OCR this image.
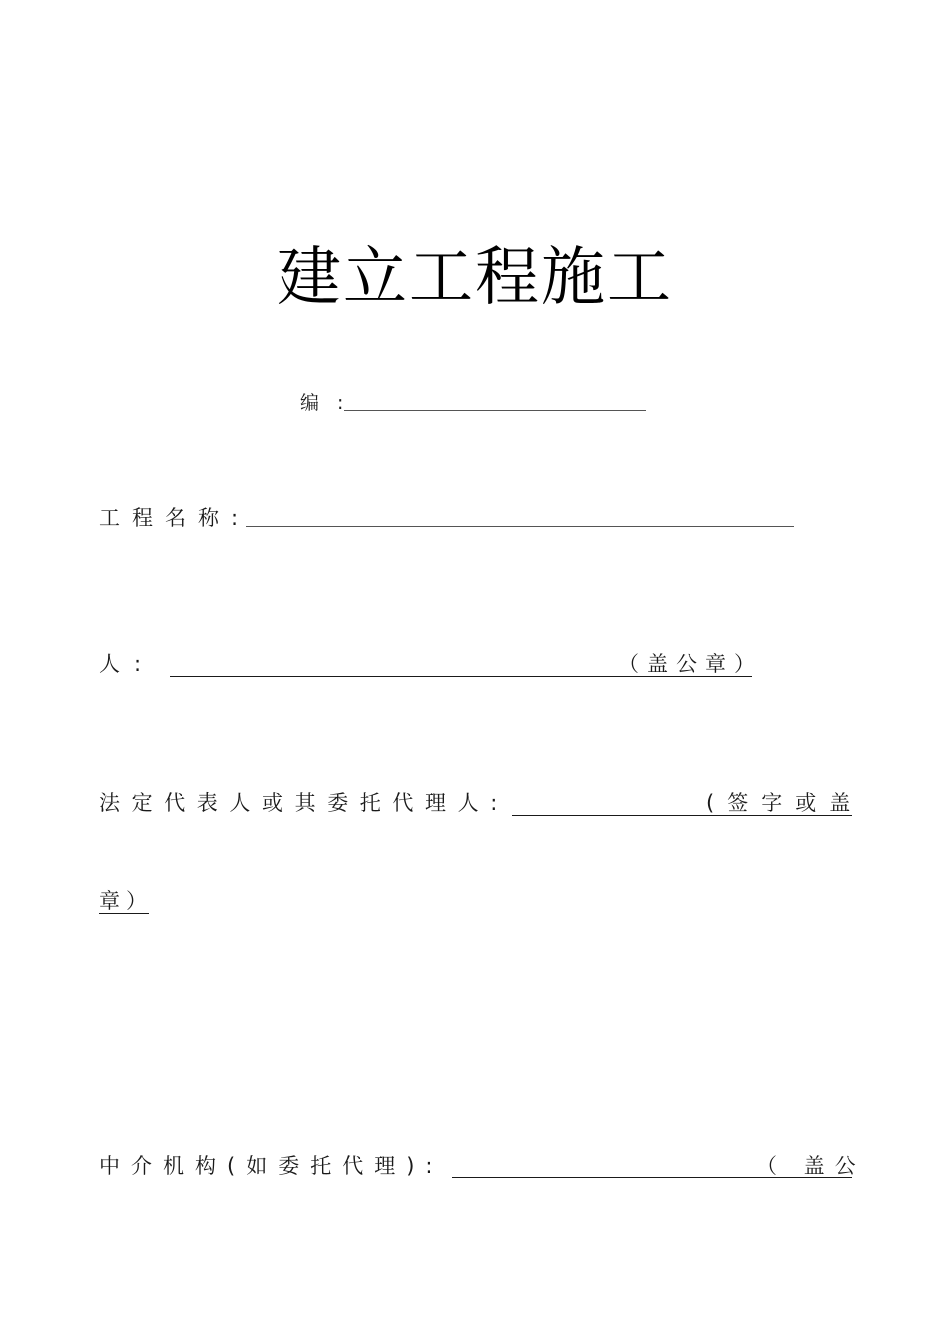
建立工程施工
编 :
工程名称:
人:	（盖公章）
法定代表人或其委托代理人:	(签字或盖
章）
中介机构(如委托代理):	（ 盖公
